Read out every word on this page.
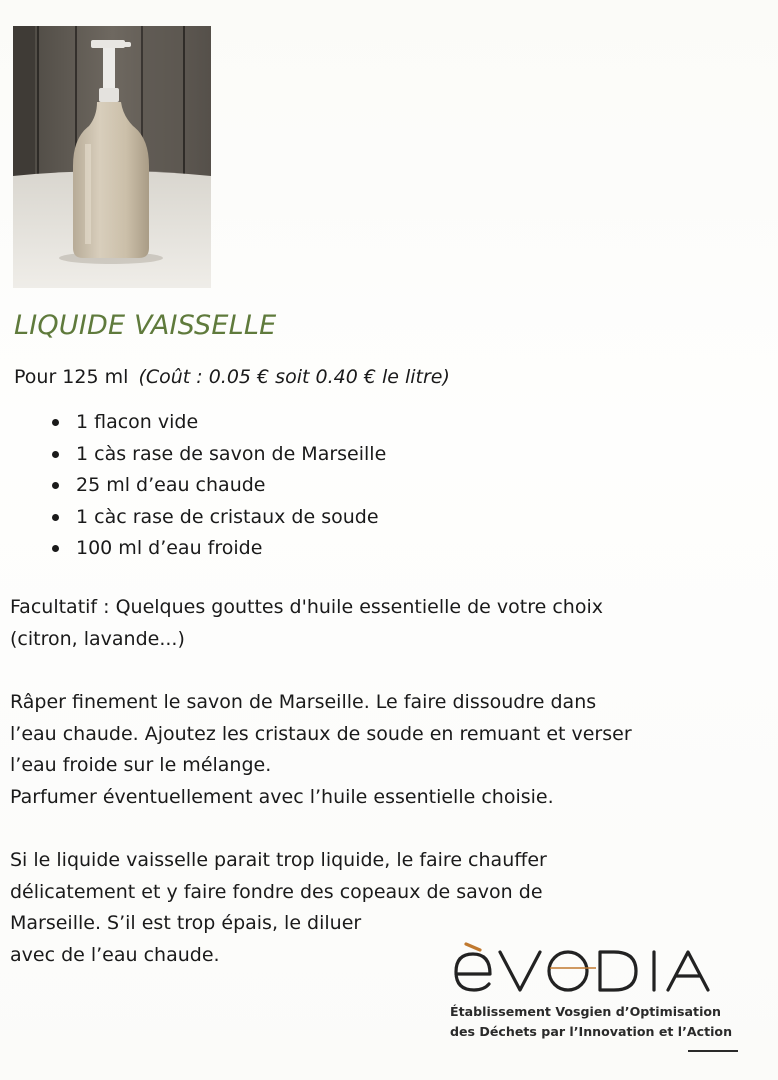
LIQUIDE VAISSELLE
Pour 125 ml (Coût : 0.05 € soit 0.40 € le litre)
1 flacon vide
1 càs rase de savon de Marseille
25 ml d’eau chaude
1 càc rase de cristaux de soude
100 ml d’eau froide

Facultatif : Quelques gouttes d'huile essentielle de votre choix
(citron, lavande...)

Râper finement le savon de Marseille. Le faire dissoudre dans
l’eau chaude. Ajoutez les cristaux de soude en remuant et verser
l’eau froide sur le mélange.
Parfumer éventuellement avec l’huile essentielle choisie.

Si le liquide vaisselle parait trop liquide, le faire chauffer
délicatement et y faire fondre des copeaux de savon de
Marseille. S’il est trop épais, le diluer
avec de l’eau chaude.

Établissement Vosgien d’Optimisation
des Déchets par l’Innovation et l’Action
